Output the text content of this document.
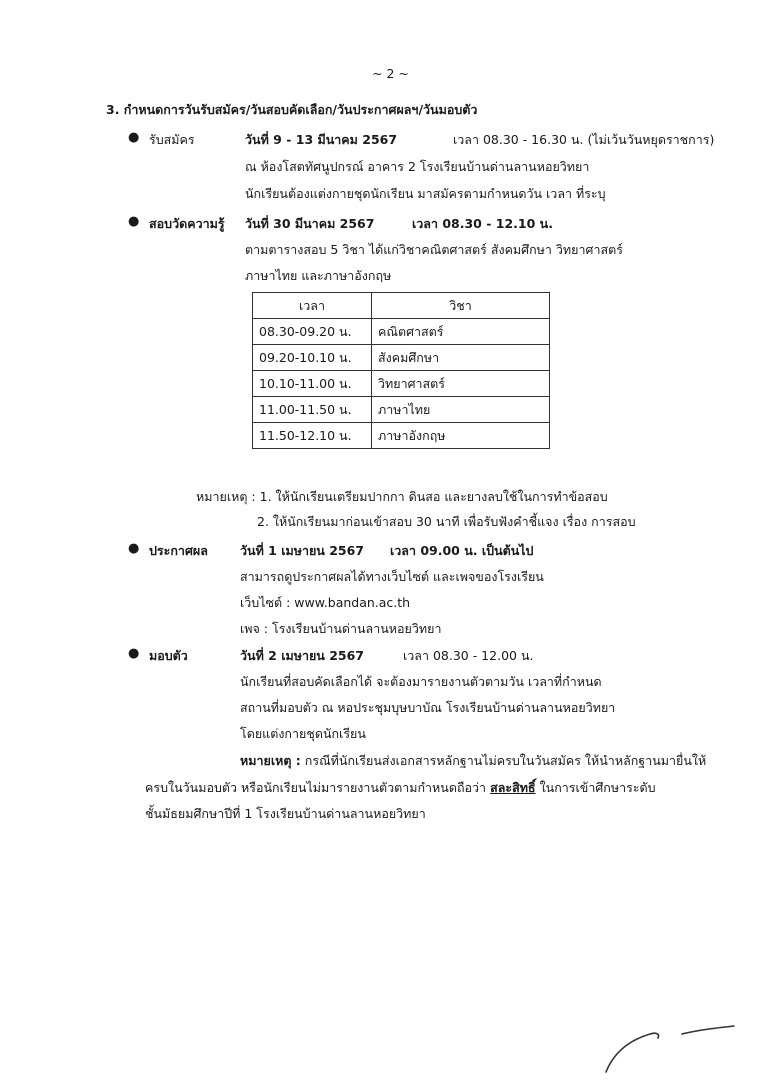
~ 2 ~
3. กำหนดการวันรับสมัคร/วันสอบคัดเลือก/วันประกาศผลฯ/วันมอบตัว
● รับสมัคร	วันที่ 9 - 13 มีนาคม 2567	เวลา 08.30 - 16.30 น. (ไม่เว้นวันหยุดราชการ)
ณ ห้องโสตทัศนูปกรณ์ อาคาร 2 โรงเรียนบ้านด่านลานหอยวิทยา
นักเรียนต้องแต่งกายชุดนักเรียน มาสมัครตามกำหนดวัน เวลา ที่ระบุ
● สอบวัดความรู้ วันที่ 30 มีนาคม 2567	เวลา 08.30 - 12.10 น.
ตามตารางสอบ 5 วิชา ได้แก่วิชาคณิตศาสตร์ สังคมศึกษา วิทยาศาสตร์
ภาษาไทย และภาษาอังกฤษ
เวลา	วิชา
08.30-09.20 น.	คณิตศาสตร์
09.20-10.10 น.	สังคมศึกษา
10.10-11.00 น.	วิทยาศาสตร์
11.00-11.50 น.	ภาษาไทย
11.50-12.10 น.	ภาษาอังกฤษ
หมายเหตุ : 1. ให้นักเรียนเตรียมปากกา ดินสอ และยางลบใช้ในการทำข้อสอบ
2. ให้นักเรียนมาก่อนเข้าสอบ 30 นาที เพื่อรับฟังคำชี้แจง เรื่อง การสอบ
● ประกาศผล	วันที่ 1 เมษายน 2567 เวลา 09.00 น. เป็นต้นไป
สามารถดูประกาศผลได้ทางเว็บไซต์ และเพจของโรงเรียน
เว็บไซต์ : www.bandan.ac.th
เพจ : โรงเรียนบ้านด่านลานหอยวิทยา
● มอบตัว	วันที่ 2 เมษายน 2567	เวลา 08.30 - 12.00 น.
นักเรียนที่สอบคัดเลือกได้ จะต้องมารายงานตัวตามวัน เวลาที่กำหนด
สถานที่มอบตัว ณ หอประชุมบุษบาบัณ โรงเรียนบ้านด่านลานหอยวิทยา
โดยแต่งกายชุดนักเรียน
หมายเหตุ : กรณีที่นักเรียนส่งเอกสารหลักฐานไม่ครบในวันสมัคร ให้นำหลักฐานมายื่นให้
ครบในวันมอบตัว หรือนักเรียนไม่มารายงานตัวตามกำหนดถือว่า สละสิทธิ์ ในการเข้าศึกษาระดับ
ชั้นมัธยมศึกษาปีที่ 1 โรงเรียนบ้านด่านลานหอยวิทยา
